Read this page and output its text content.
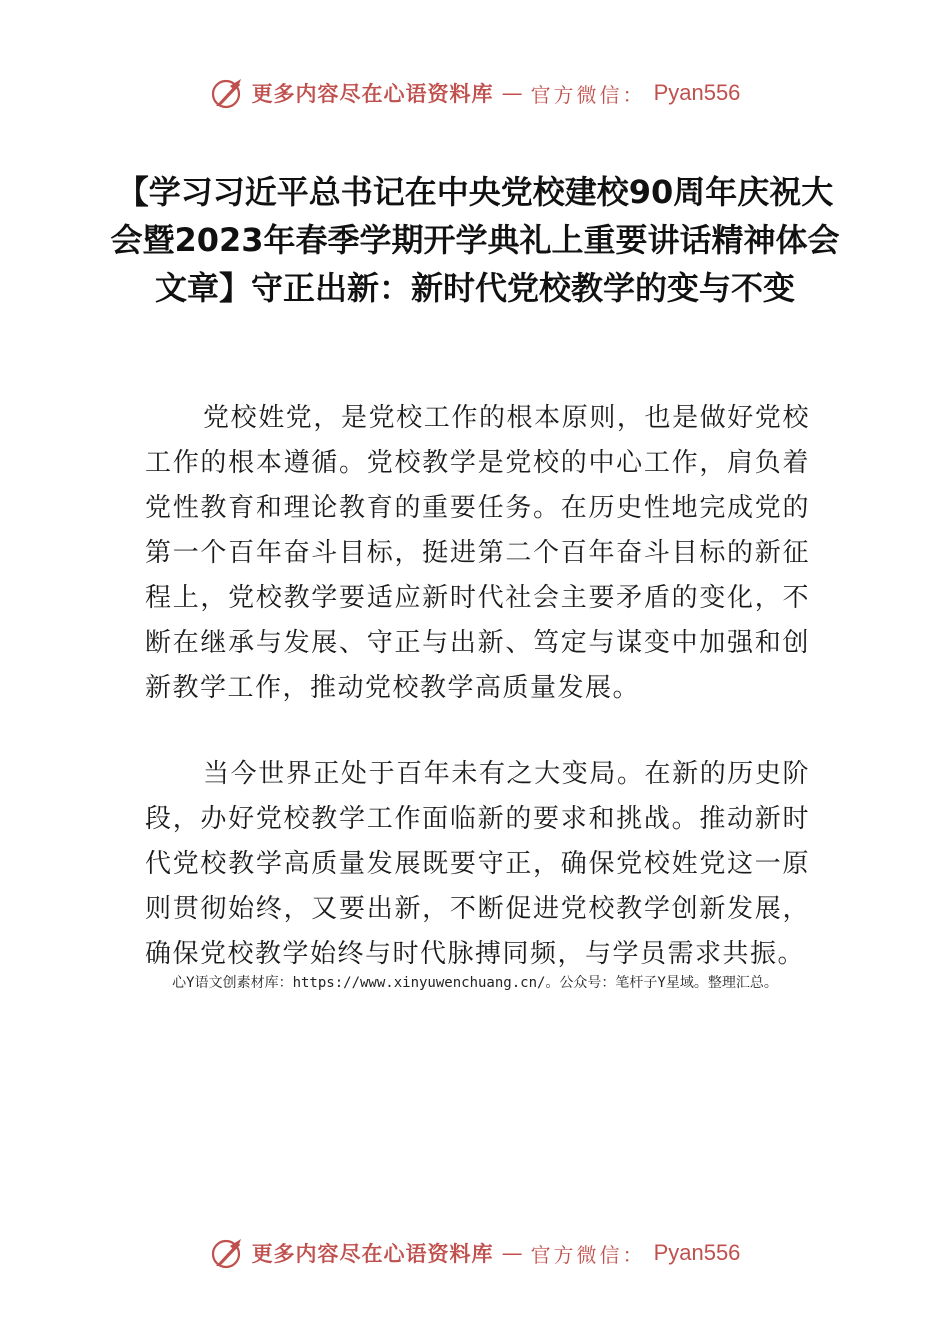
更多内容尽在心语资料库 — 官方微信： Pyan556
【学习习近平总书记在中央党校建校90周年庆祝大会暨2023年春季学期开学典礼上重要讲话精神体会文章】守正出新：新时代党校教学的变与不变

党校姓党，是党校工作的根本原则，也是做好党校工作的根本遵循。党校教学是党校的中心工作，肩负着党性教育和理论教育的重要任务。在历史性地完成党的第一个百年奋斗目标，挺进第二个百年奋斗目标的新征程上，党校教学要适应新时代社会主要矛盾的变化，不断在继承与发展、守正与出新、笃定与谋变中加强和创新教学工作，推动党校教学高质量发展。

当今世界正处于百年未有之大变局。在新的历史阶段，办好党校教学工作面临新的要求和挑战。推动新时代党校教学高质量发展既要守正，确保党校姓党这一原则贯彻始终，又要出新，不断促进党校教学创新发展，确保党校教学始终与时代脉搏同频，与学员需求共振。

心Y语文创素材库：https://www.xinyuwenchuang.cn/。公众号：笔杆子Y星域。整理汇总。
更多内容尽在心语资料库 — 官方微信： Pyan556
